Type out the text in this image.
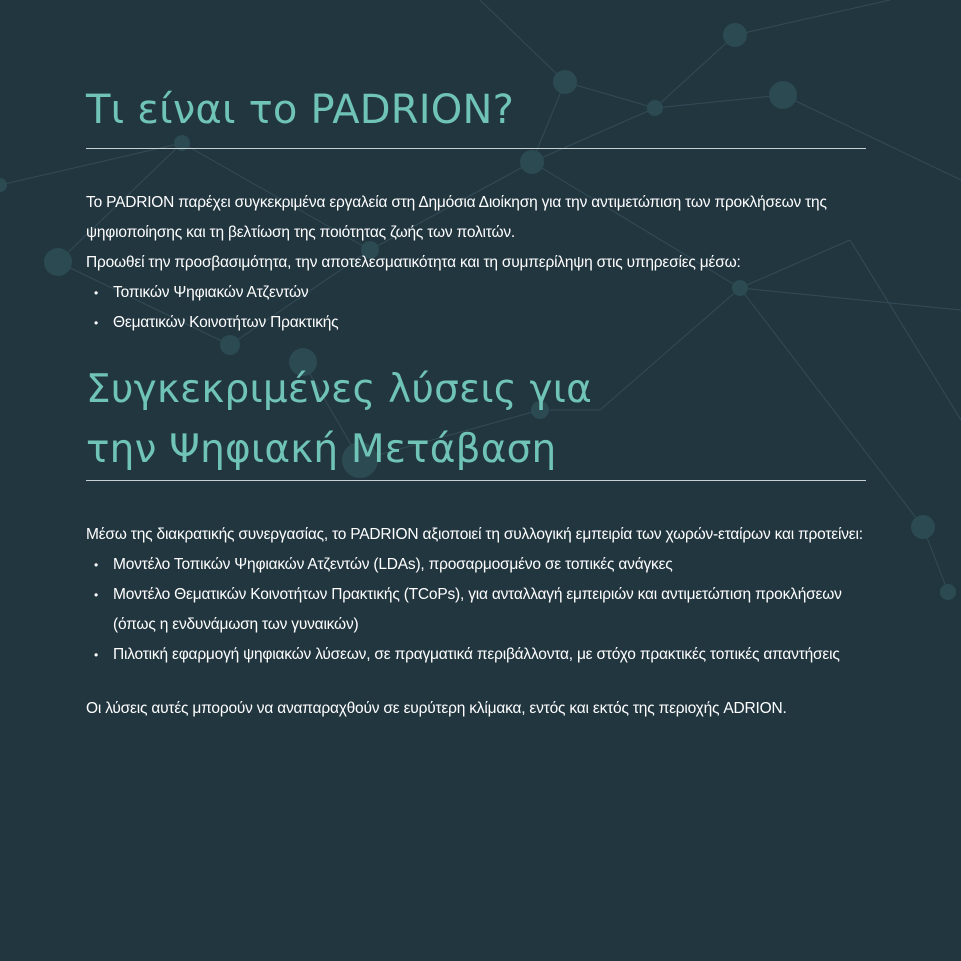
Τι είναι το PADRION?

Το PADRION παρέχει συγκεκριμένα εργαλεία στη Δημόσια Διοίκηση για την αντιμετώπιση των προκλήσεων της ψηφιοποίησης και τη βελτίωση της ποιότητας ζωής των πολιτών.

Προωθεί την προσβασιμότητα, την αποτελεσματικότητα και τη συμπερίληψη στις υπηρεσίες μέσω:

• Τοπικών Ψηφιακών Ατζεντών
• Θεματικών Κοινοτήτων Πρακτικής
Συγκεκριμένες λύσεις για
την Ψηφιακή Μετάβαση

Μέσω της διακρατικής συνεργασίας, το PADRION αξιοποιεί τη συλλογική εμπειρία των χωρών-εταίρων και προτείνει:

• Μοντέλο Τοπικών Ψηφιακών Ατζεντών (LDAs), προσαρμοσμένο σε τοπικές ανάγκες
• Μοντέλο Θεματικών Κοινοτήτων Πρακτικής (TCoPs), για ανταλλαγή εμπειριών και αντιμετώπιση προκλήσεων (όπως η ενδυνάμωση των γυναικών)
• Πιλοτική εφαρμογή ψηφιακών λύσεων, σε πραγματικά περιβάλλοντα, με στόχο πρακτικές τοπικές απαντήσεις

Οι λύσεις αυτές μπορούν να αναπαραχθούν σε ευρύτερη κλίμακα, εντός και εκτός της περιοχής ADRION.
